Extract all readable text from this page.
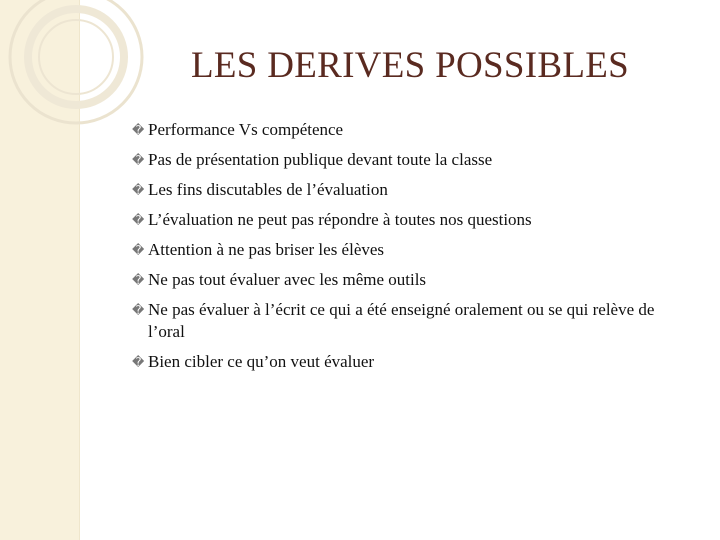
LES DERIVES POSSIBLES
� Performance Vs compétence
� Pas de présentation publique devant toute la classe
� Les fins discutables de l’évaluation
� L’évaluation ne peut pas répondre à toutes nos questions
� Attention à ne pas briser les élèves
� Ne pas tout évaluer avec les même outils
� Ne pas évaluer à l’écrit ce qui a été enseigné oralement ou se qui relève de l’oral
� Bien cibler ce qu’on veut évaluer
